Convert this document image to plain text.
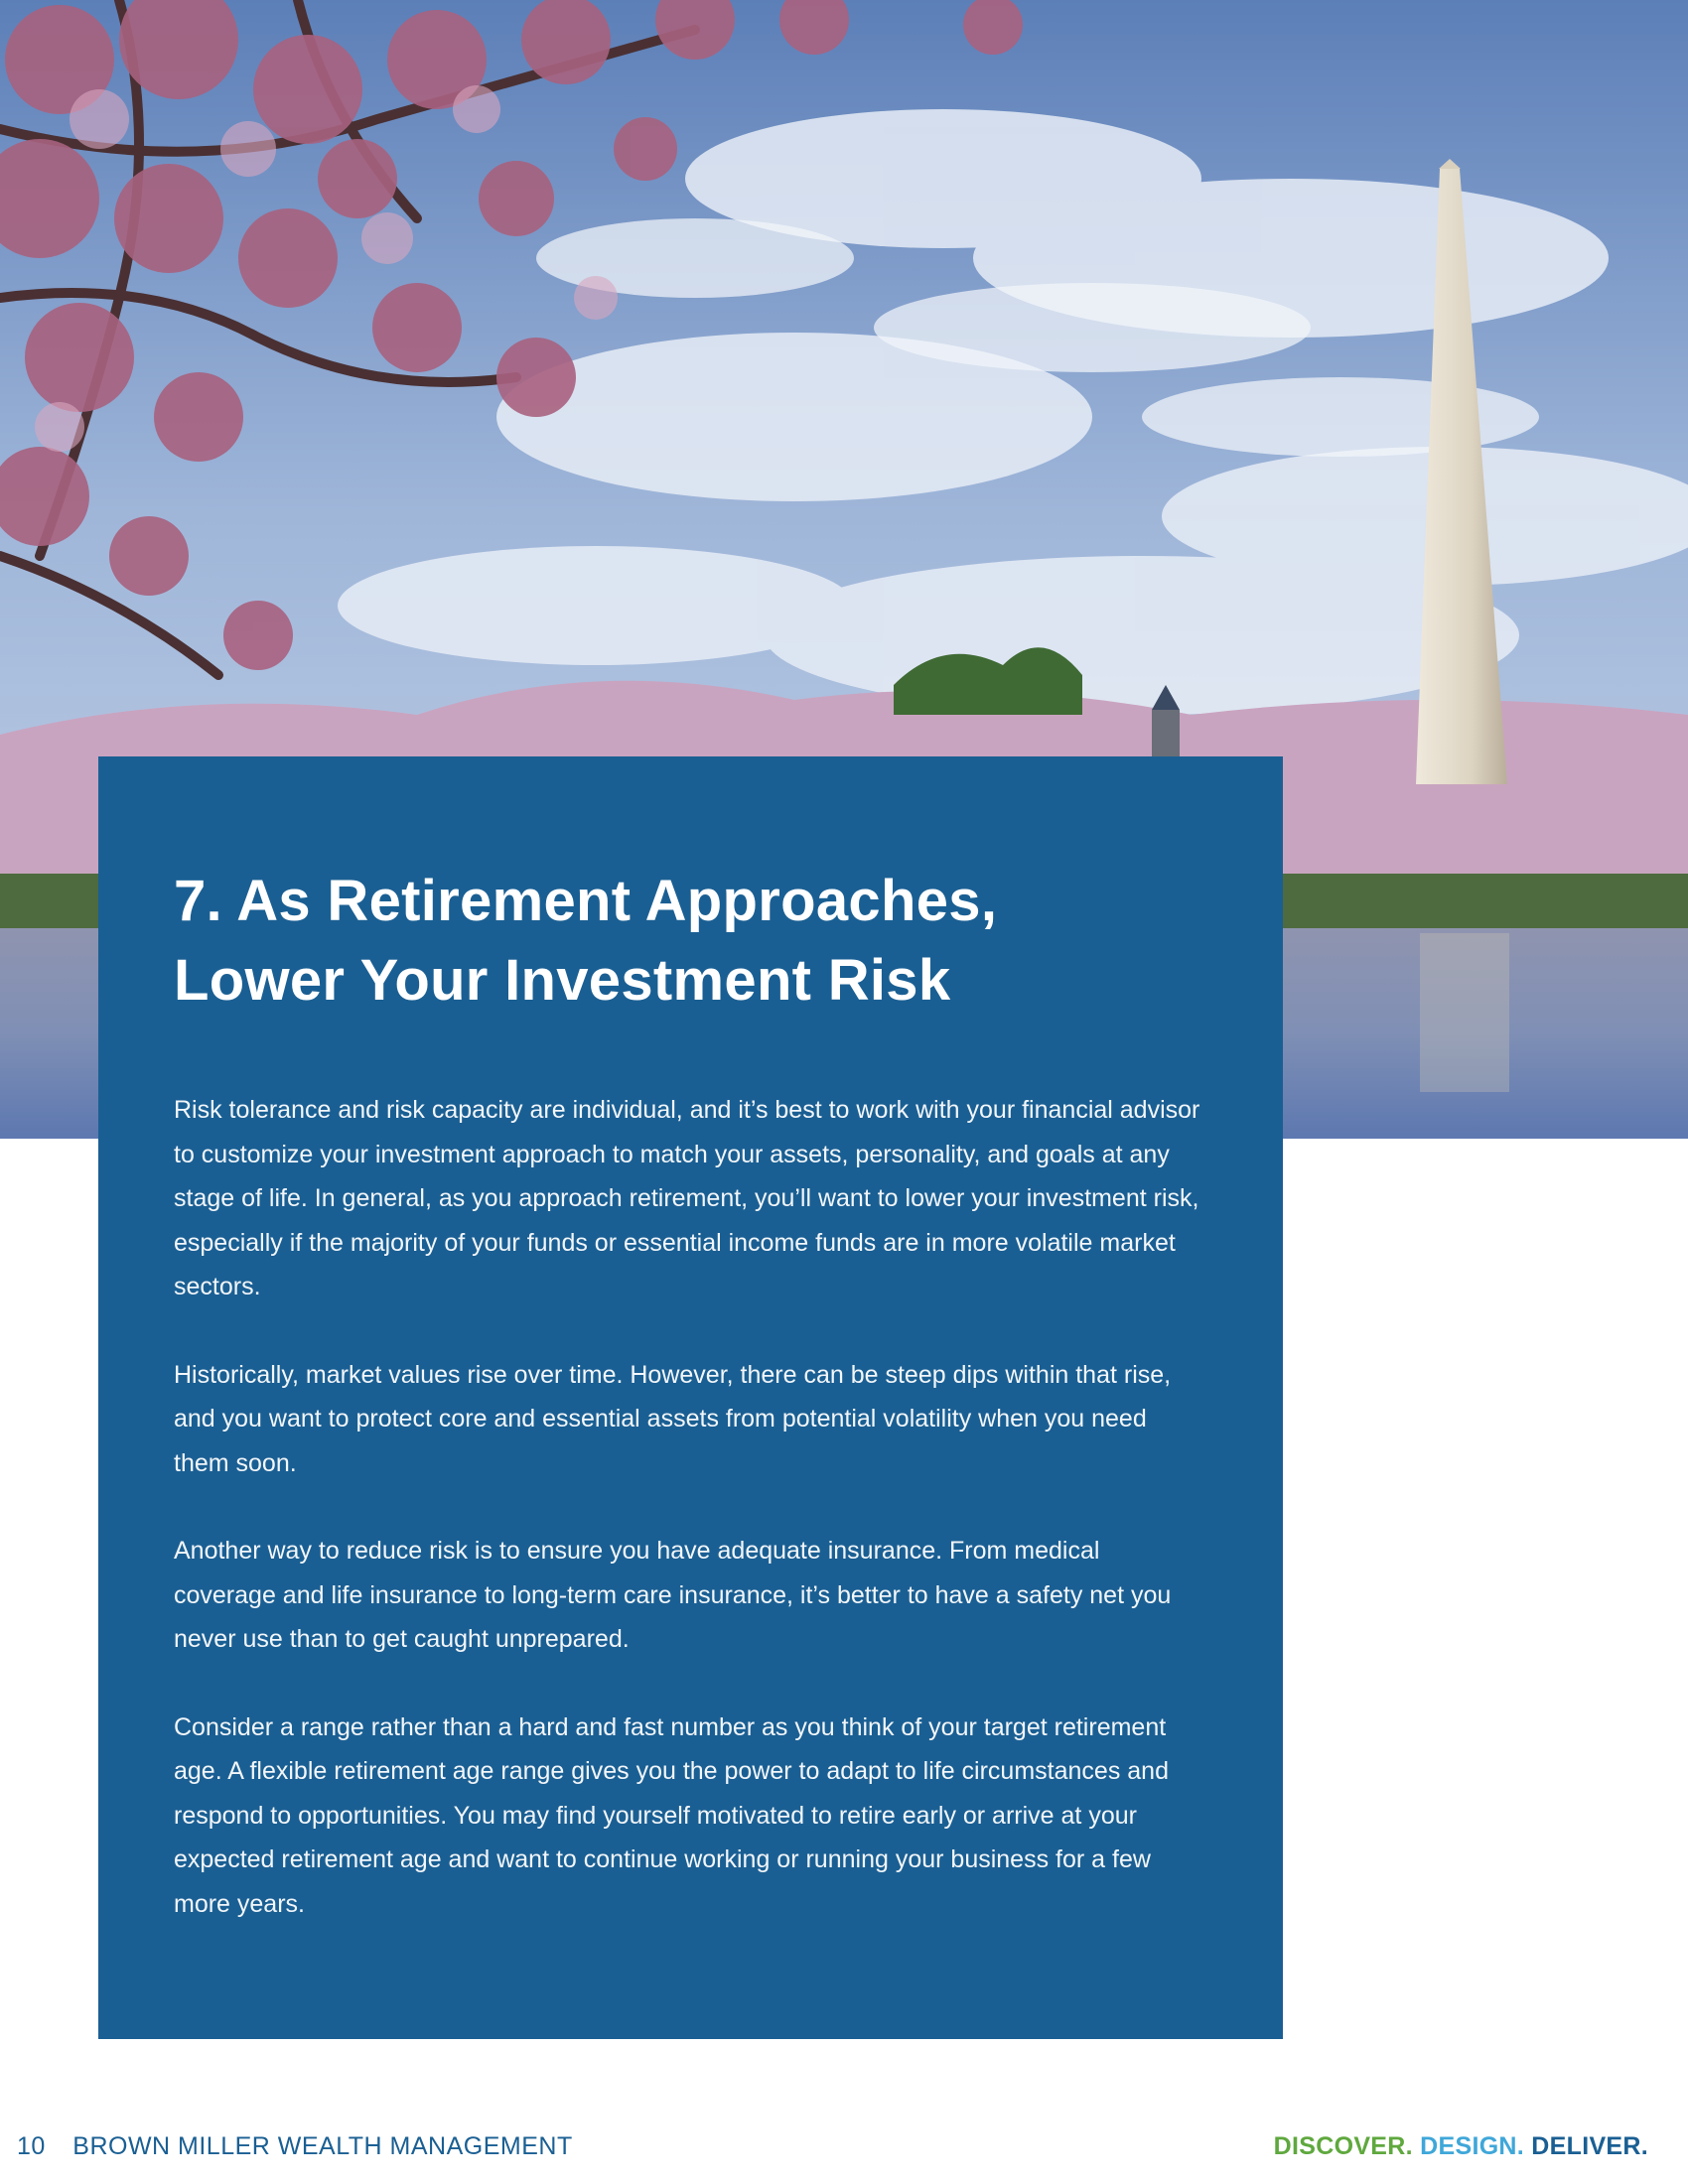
7. As Retirement Approaches,
Lower Your Investment Risk

Risk tolerance and risk capacity are individual, and it’s best to work with your financial advisor to customize your investment approach to match your assets, personality, and goals at any stage of life. In general, as you approach retirement, you’ll want to lower your investment risk, especially if the majority of your funds or essential income funds are in more volatile market sectors.

Historically, market values rise over time. However, there can be steep dips within that rise, and you want to protect core and essential assets from potential volatility when you need them soon.

Another way to reduce risk is to ensure you have adequate insurance. From medical coverage and life insurance to long-term care insurance, it’s better to have a safety net you never use than to get caught unprepared.

Consider a range rather than a hard and fast number as you think of your target retirement age. A flexible retirement age range gives you the power to adapt to life circumstances and respond to opportunities. You may find yourself motivated to retire early or arrive at your expected retirement age and want to continue working or running your business for a few more years.

10 BROWN MILLER WEALTH MANAGEMENT	DISCOVER. DESIGN. DELIVER.
